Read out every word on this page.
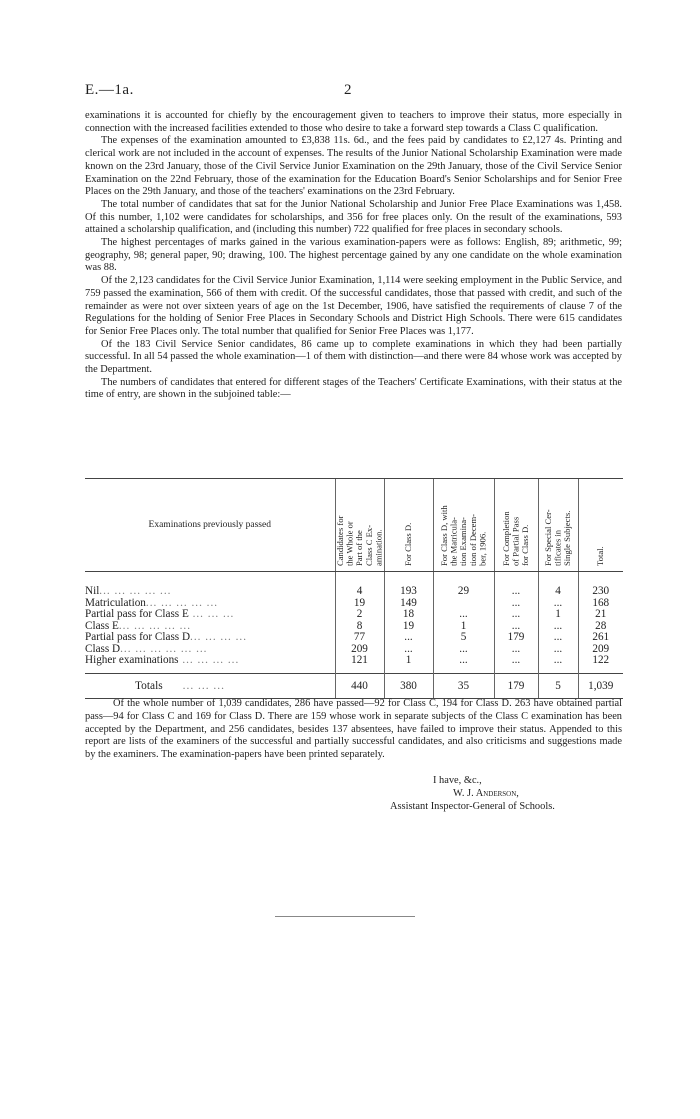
E.—1a.	2

examinations it is accounted for chiefly by the encouragement given to teachers to improve their status, more especially in connection with the increased facilities extended to those who desire to take a forward step towards a Class C qualification.

The expenses of the examination amounted to £3,838 11s. 6d., and the fees paid by candidates to £2,127 4s. Printing and clerical work are not included in the account of expenses. The results of the Junior National Scholarship Examination were made known on the 23rd January, those of the Civil Service Junior Examination on the 29th January, those of the Civil Service Senior Examination on the 22nd February, those of the examination for the Education Board's Senior Scholarships and for Senior Free Places on the 29th January, and those of the teachers' examinations on the 23rd February.

The total number of candidates that sat for the Junior National Scholarship and Junior Free Place Examinations was 1,458. Of this number, 1,102 were candidates for scholarships, and 356 for free places only. On the result of the examinations, 593 attained a scholarship qualification, and (including this number) 722 qualified for free places in secondary schools.

The highest percentages of marks gained in the various examination-papers were as follows: English, 89; arithmetic, 99; geography, 98; general paper, 90; drawing, 100. The highest percentage gained by any one candidate on the whole examination was 88.

Of the 2,123 candidates for the Civil Service Junior Examination, 1,114 were seeking employment in the Public Service, and 759 passed the examination, 566 of them with credit. Of the successful candidates, those that passed with credit, and such of the remainder as were not over sixteen years of age on the 1st December, 1906, have satisfied the requirements of clause 7 of the Regulations for the holding of Senior Free Places in Secondary Schools and District High Schools. There were 615 candidates for Senior Free Places only. The total number that qualified for Senior Free Places was 1,177.

Of the 183 Civil Service Senior candidates, 86 came up to complete examinations in which they had been partially successful. In all 54 passed the whole examination—1 of them with distinction—and there were 84 whose work was accepted by the Department.

The numbers of candidates that entered for different stages of the Teachers' Certificate Examinations, with their status at the time of entry, are shown in the subjoined table:—

Examinations previously passed	Candidates for
the Whole or
Part of the
Class C Ex-
amination.	For Class D.	For Class D, with
the Matricula-
tion Examina-
tion of Decem-
ber, 1906.	For Completion
of Partial Pass
for Class D.	For Special Cer-
tificates in
Single Subjects.	Total.
Nil... ... ... ... ...	4	193	29	...	4	230
Matriculation... ... ... ... ...	19	149		...	...	168
Partial pass for Class E ... ... ...	2	18	...	...	1	21
Class E... ... ... ... ...	8	19	1	...	...	28
Partial pass for Class D... ... ... ...	77	...	5	179	...	261
Class D... ... ... ... ... ...	209	...	...	...	...	209
Higher examinations ... ... ... ...	121	1	...	...	...	122
Totals ... ... ...	440	380	35	179	5	1,039

Of the whole number of 1,039 candidates, 286 have passed—92 for Class C, 194 for Class D. 263 have obtained partial pass—94 for Class C and 169 for Class D. There are 159 whose work in separate subjects of the Class C examination has been accepted by the Department, and 256 candidates, besides 137 absentees, have failed to improve their status. Appended to this report are lists of the examiners of the successful and partially successful candidates, and also criticisms and suggestions made by the examiners. The examination-papers have been printed separately.

I have, &c.,
W. J. Anderson,
Assistant Inspector-General of Schools.
